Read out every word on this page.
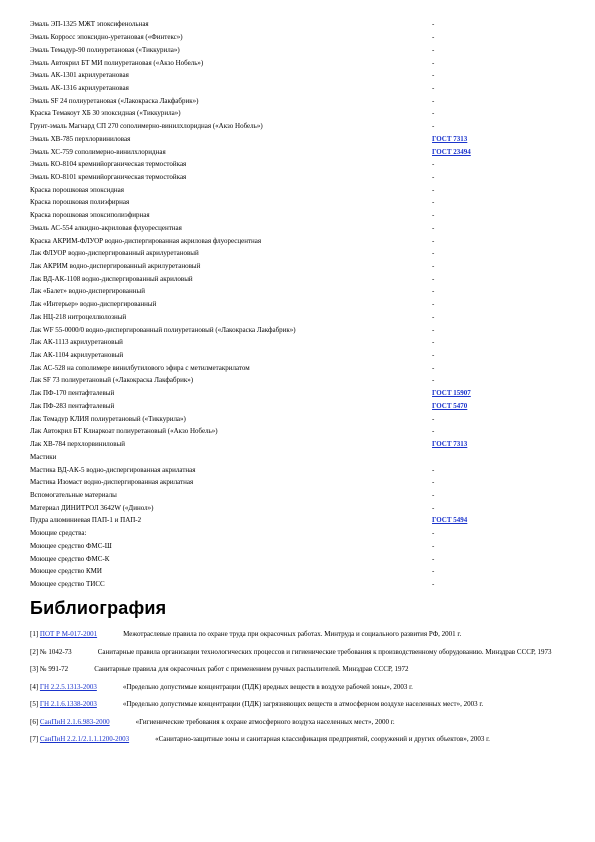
Эмаль ЭП-1325 МЖТ эпоксифенольная	-
Эмаль Корросс эпоксидно-уретановая («Финтекс»)	-
Эмаль Темадур-90 полиуретановая («Тиккурила»)	-
Эмаль Автокрил БТ МИ полиуретановая («Акзо Нобель»)	-
Эмаль АК-1301 акрилуретановая	-
Эмаль АК-1316 акрилуретановая	-
Эмаль SF 24 полиуретановая («Лакокраска Лакфабрик»)	-
Краска Темакоут ХБ 30 эпоксидная («Тиккурила»)	-
Грунт-эмаль Магнард СП 270 сополимерно-винилхлоридная («Акзо Нобель»)	-
Эмаль ХВ-785 перхлорвиниловая	ГОСТ 7313
Эмаль ХС-759 сополимерно-винилхлоридная	ГОСТ 23494
Эмаль КО-8104 кремнийорганическая термостойкая	-
Эмаль КО-8101 кремнийорганическая термостойкая	-
Краска порошковая эпоксидная	-
Краска порошковая полиэфирная	-
Краска порошковая эпоксиполиэфирная	-
Эмаль АС-554 алкидно-акриловая флуоресцентная	-
Краска АКРИМ-ФЛУОР водно-диспергированная акриловая флуоресцентная	-
Лак ФЛУОР водно-диспергированный акрилуретановый	-
Лак АКРИМ водно-диспергированный акрилуретановый	-
Лак ВД-АК-1108 водно-диспергированный акриловый	-
Лак «Балет» водно-диспергированный	-
Лак «Интерьер» водно-диспергированный	-
Лак НЦ-218 нитроцеллюлозный	-
Лак WF 55-0000/0 водно-диспергированный полиуретановый («Лакокраска Лакфабрик»)	-
Лак АК-1113 акрилуретановый	-
Лак АК-1104 акрилуретановый	-
Лак АС-528 на сополимере винилбутилового эфира с метилметакрилатом	-
Лак SF 73 полиуретановый («Лакокраска Лакфабрик»)	-
Лак ПФ-170 пентафталевый	ГОСТ 15907
Лак ПФ-283 пентафталевый	ГОСТ 5470
Лак Темадур КЛИЯ полиуретановый («Тиккурила»)	-
Лак Автокрил БТ Клиаркоат полиуретановый («Акзо Нобель»)	-
Лак ХВ-784 перхлорвиниловый	ГОСТ 7313
Мастики
Мастика ВД-АК-5 водно-диспергированная акрилатная	-
Мастика Изомаст водно-диспергированная акрилатная	-
Вспомогательные материалы	-
Материал ДИНИТРОЛ 3642W («Динол»)	-
Пудра алюминиевая ПАП-1 и ПАП-2	ГОСТ 5494
Моющие средства:	-
Моющее средство ФМС-Ш	-
Моющее средство ФМС-К	-
Моющее средство КМИ	-
Моющее средство ТИСС	-
Библиография
[1] ПОТ Р М-017-2001	Межотраслевые правила по охране труда при окрасочных работах. Минтруда и социального развития РФ, 2001 г.
[2] № 1042-73	Санитарные правила организации технологических процессов и гигиенические требования к производственному оборудованию. Минздрав СССР, 1973
[3] № 991-72	Санитарные правила для окрасочных работ с применением ручных распылителей. Минздрав СССР, 1972
[4] ГН 2.2.5.1313-2003	«Предельно допустимые концентрации (ПДК) вредных веществ в воздухе рабочей зоны», 2003 г.
[5] ГН 2.1.6.1338-2003	«Предельно допустимые концентрации (ПДК) загрязняющих веществ в атмосферном воздухе населенных мест», 2003 г.
[6] СанПиН 2.1.6.983-2000	«Гигиенические требования к охране атмосферного воздуха населенных мест», 2000 г.
[7] СанПиН 2.2.1/2.1.1.1200-2003	«Санитарно-защитные зоны и санитарная классификация предприятий, сооружений и других объектов», 2003 г.
